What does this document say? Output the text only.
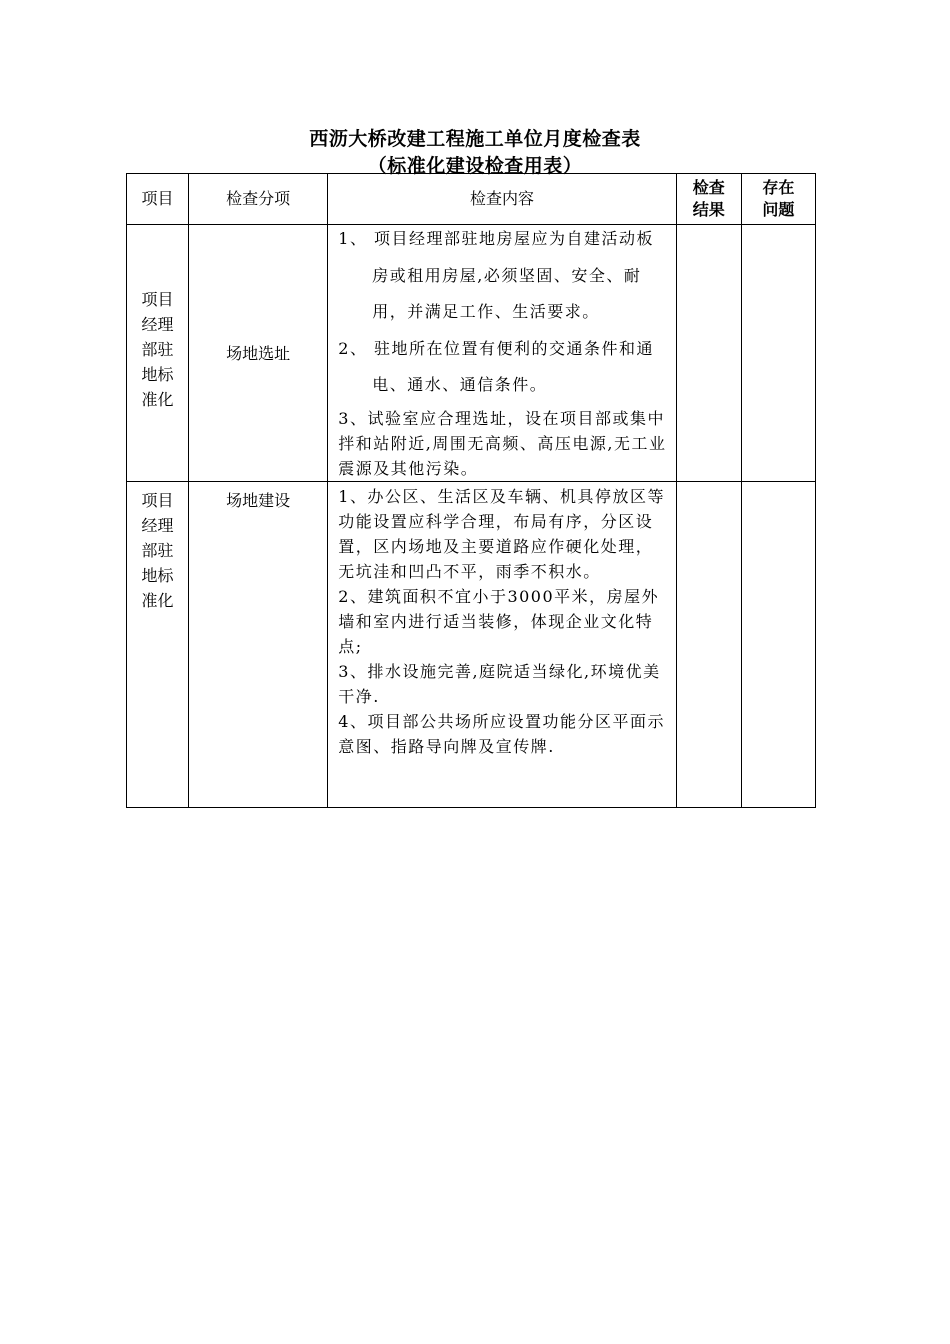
西沥大桥改建工程施工单位月度检查表
（标准化建设检查用表）
项目	检查分项	检查内容	检查结果	存在问题

项目经理部驻地标准化	场地选址	1、 项目经理部驻地房屋应为自建活动板房或租用房屋,必须坚固、安全、耐用，并满足工作、生活要求。

2、 驻地所在位置有便利的交通条件和通电、通水、通信条件。

3、试验室应合理选址，设在项目部或集中拌和站附近,周围无高频、高压电源,无工业震源及其他污染。		

项目经理部驻地标准化	场地建设	1、办公区、生活区及车辆、机具停放区等功能设置应科学合理，布局有序，分区设置，区内场地及主要道路应作硬化处理，无坑洼和凹凸不平，雨季不积水。

2、建筑面积不宜小于3000平米，房屋外墙和室内进行适当装修，体现企业文化特点;

3、排水设施完善,庭院适当绿化,环境优美干净.

4、项目部公共场所应设置功能分区平面示意图、指路导向牌及宣传牌.		
